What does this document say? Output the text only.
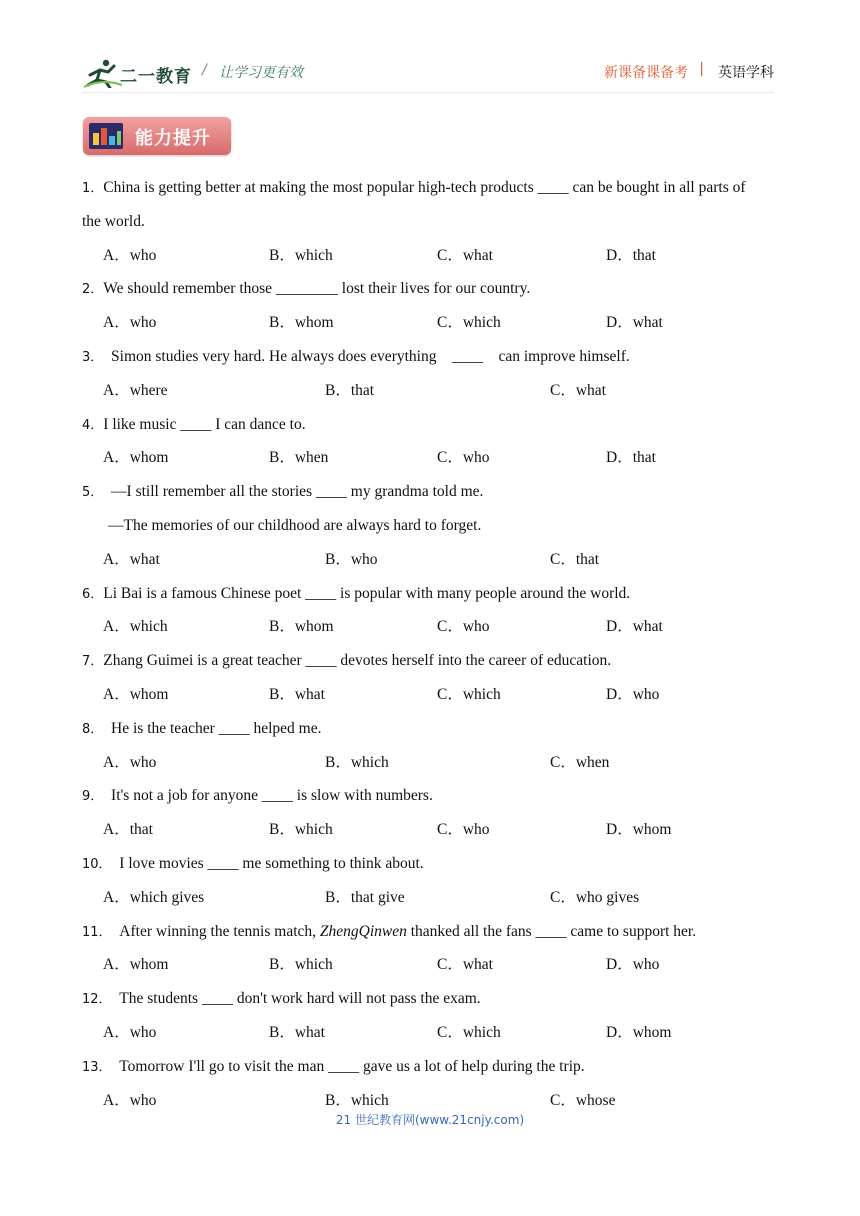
二一教育 / 让学习更有效	新课备课备考 | 英语学科
能力提升
1．China is getting better at making the most popular high-tech products ____ can be bought in all parts of
the world.
A．who	B．which	C．what	D．that
2．We should remember those ________ lost their lives for our country.
A．who	B．whom	C．which	D．what
3．  Simon studies very hard. He always does everything　____　can improve himself.
A．where	B．that	C．what
4．I like music ____ I can dance to.
A．whom	B．when	C．who	D．that
5．  —I still remember all the stories ____ my grandma told me.
—The memories of our childhood are always hard to forget.
A．what	B．who	C．that
6．Li Bai is a famous Chinese poet ____ is popular with many people around the world.
A．which	B．whom	C．who	D．what
7．Zhang Guimei is a great teacher ____ devotes herself into the career of education.
A．whom	B．what	C．which	D．who
8．  He is the teacher ____ helped me.
A．who	B．which	C．when
9．  It's not a job for anyone ____ is slow with numbers.
A．that	B．which	C．who	D．whom
10．  I love movies ____ me something to think about.
A．which gives	B．that give	C．who gives
11．  After winning the tennis match, ZhengQinwen thanked all the fans ____ came to support her.
A．whom	B．which	C．what	D．who
12．  The students ____ don't work hard will not pass the exam.
A．who	B．what	C．which	D．whom
13．  Tomorrow I'll go to visit the man ____ gave us a lot of help during the trip.
A．who	B．which	C．whose
21 世纪教育网(www.21cnjy.com)
